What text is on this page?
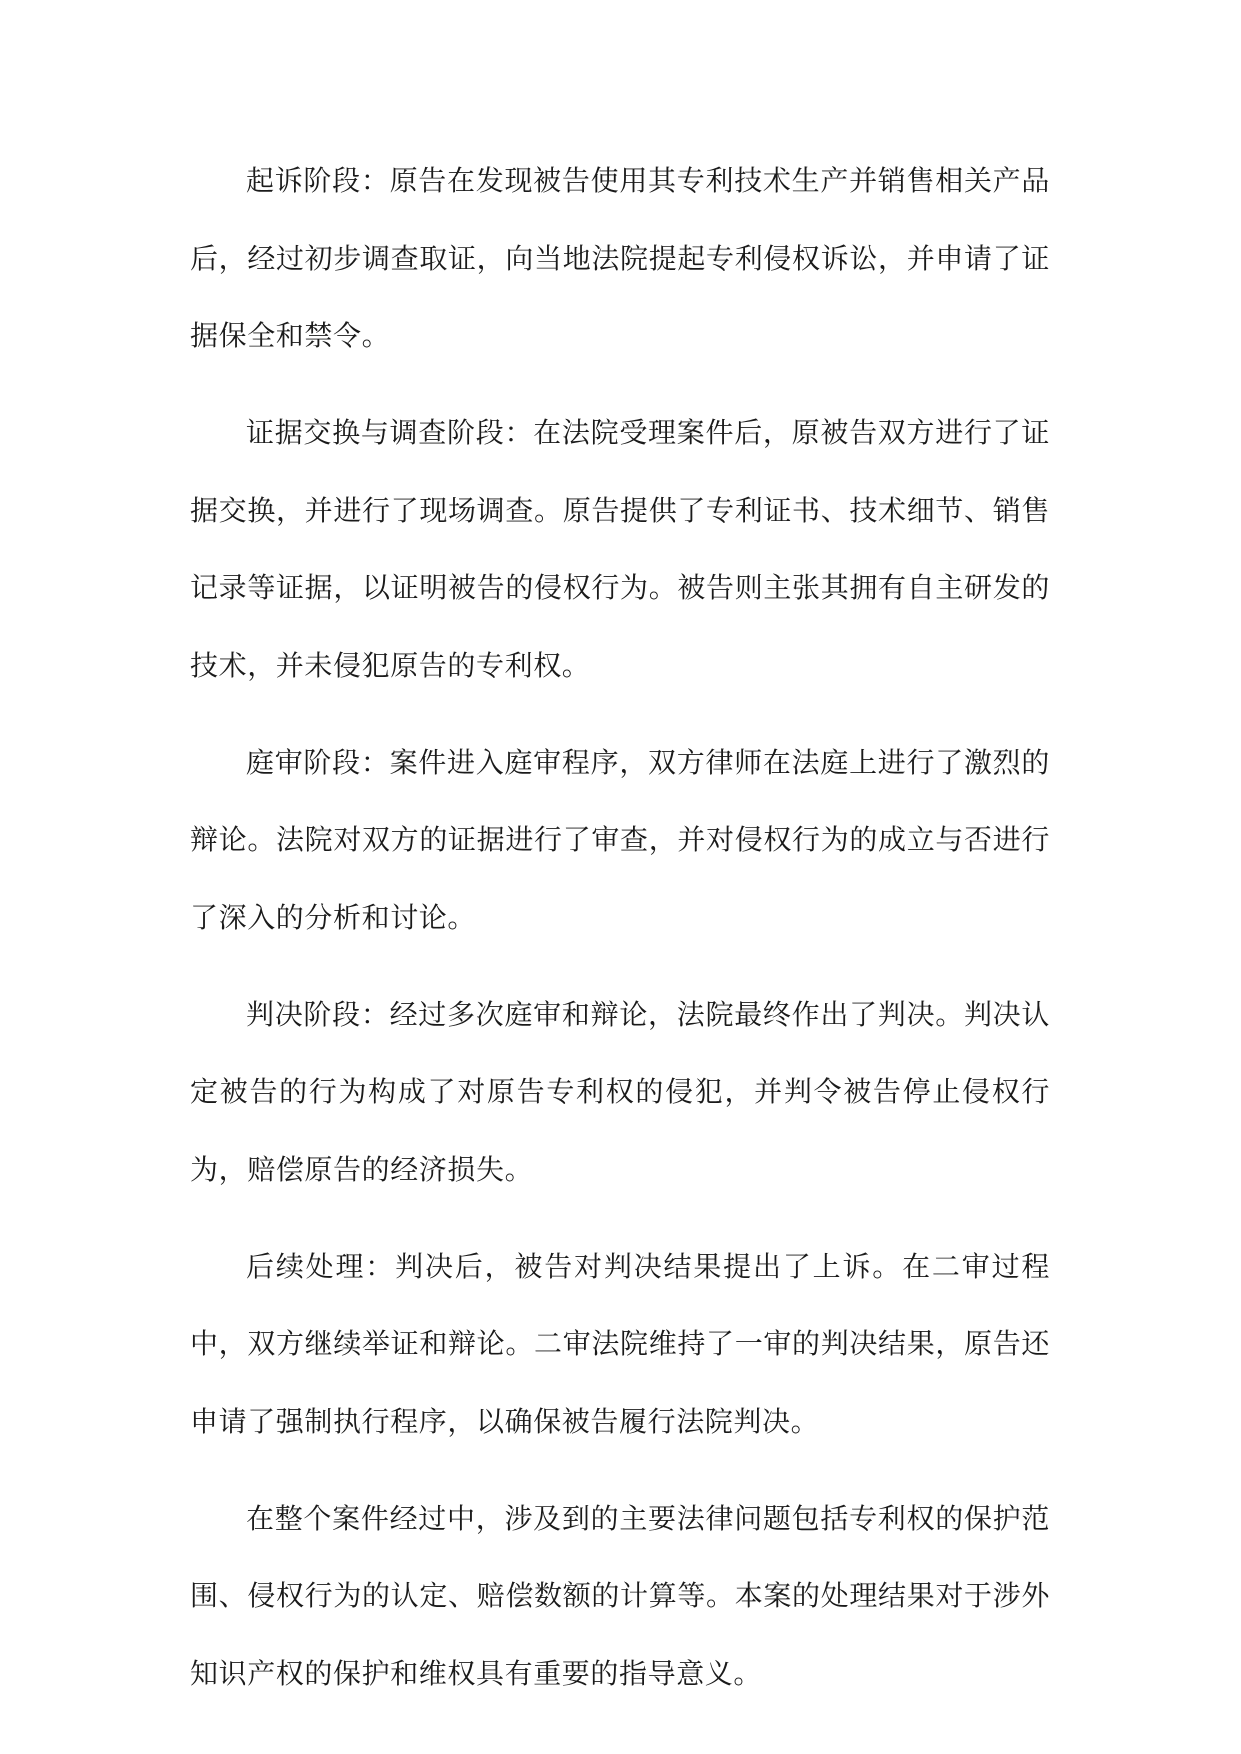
起诉阶段：原告在发现被告使用其专利技术生产并销售相关产品后，经过初步调查取证，向当地法院提起专利侵权诉讼，并申请了证据保全和禁令。

证据交换与调查阶段：在法院受理案件后，原被告双方进行了证据交换，并进行了现场调查。原告提供了专利证书、技术细节、销售记录等证据，以证明被告的侵权行为。被告则主张其拥有自主研发的技术，并未侵犯原告的专利权。

庭审阶段：案件进入庭审程序，双方律师在法庭上进行了激烈的辩论。法院对双方的证据进行了审查，并对侵权行为的成立与否进行了深入的分析和讨论。

判决阶段：经过多次庭审和辩论，法院最终作出了判决。判决认定被告的行为构成了对原告专利权的侵犯，并判令被告停止侵权行为，赔偿原告的经济损失。

后续处理：判决后，被告对判决结果提出了上诉。在二审过程中，双方继续举证和辩论。二审法院维持了一审的判决结果，原告还申请了强制执行程序，以确保被告履行法院判决。

在整个案件经过中，涉及到的主要法律问题包括专利权的保护范围、侵权行为的认定、赔偿数额的计算等。本案的处理结果对于涉外知识产权的保护和维权具有重要的指导意义。
